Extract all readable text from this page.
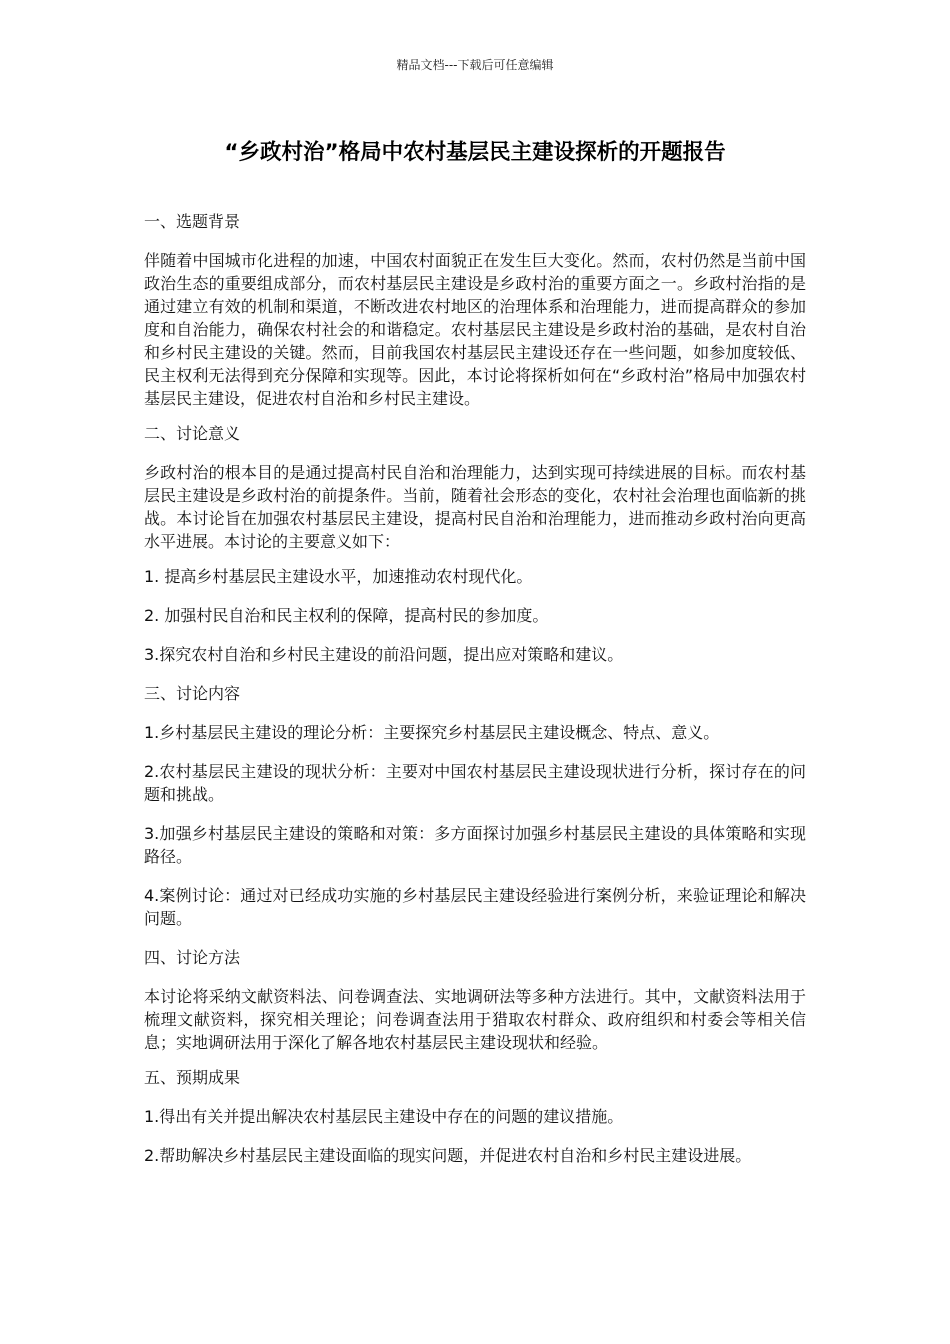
精品文档---下载后可任意编辑
“乡政村治”格局中农村基层民主建设探析的开题报告
一、选题背景
伴随着中国城市化进程的加速，中国农村面貌正在发生巨大变化。然而，农村仍然是当前中国政治生态的重要组成部分，而农村基层民主建设是乡政村治的重要方面之一。乡政村治指的是通过建立有效的机制和渠道，不断改进农村地区的治理体系和治理能力，进而提高群众的参加度和自治能力，确保农村社会的和谐稳定。农村基层民主建设是乡政村治的基础，是农村自治和乡村民主建设的关键。然而，目前我国农村基层民主建设还存在一些问题，如参加度较低、民主权利无法得到充分保障和实现等。因此，本讨论将探析如何在“乡政村治”格局中加强农村基层民主建设，促进农村自治和乡村民主建设。
二、讨论意义
乡政村治的根本目的是通过提高村民自治和治理能力，达到实现可持续进展的目标。而农村基层民主建设是乡政村治的前提条件。当前，随着社会形态的变化，农村社会治理也面临新的挑战。本讨论旨在加强农村基层民主建设，提高村民自治和治理能力，进而推动乡政村治向更高水平进展。本讨论的主要意义如下：
1. 提高乡村基层民主建设水平，加速推动农村现代化。
2. 加强村民自治和民主权利的保障，提高村民的参加度。
3.探究农村自治和乡村民主建设的前沿问题，提出应对策略和建议。
三、讨论内容
1.乡村基层民主建设的理论分析：主要探究乡村基层民主建设概念、特点、意义。
2.农村基层民主建设的现状分析：主要对中国农村基层民主建设现状进行分析，探讨存在的问题和挑战。
3.加强乡村基层民主建设的策略和对策：多方面探讨加强乡村基层民主建设的具体策略和实现路径。
4.案例讨论：通过对已经成功实施的乡村基层民主建设经验进行案例分析，来验证理论和解决问题。
四、讨论方法
本讨论将采纳文献资料法、问卷调查法、实地调研法等多种方法进行。其中，文献资料法用于梳理文献资料，探究相关理论；问卷调查法用于猎取农村群众、政府组织和村委会等相关信息；实地调研法用于深化了解各地农村基层民主建设现状和经验。
五、预期成果
1.得出有关并提出解决农村基层民主建设中存在的问题的建议措施。
2.帮助解决乡村基层民主建设面临的现实问题，并促进农村自治和乡村民主建设进展。
